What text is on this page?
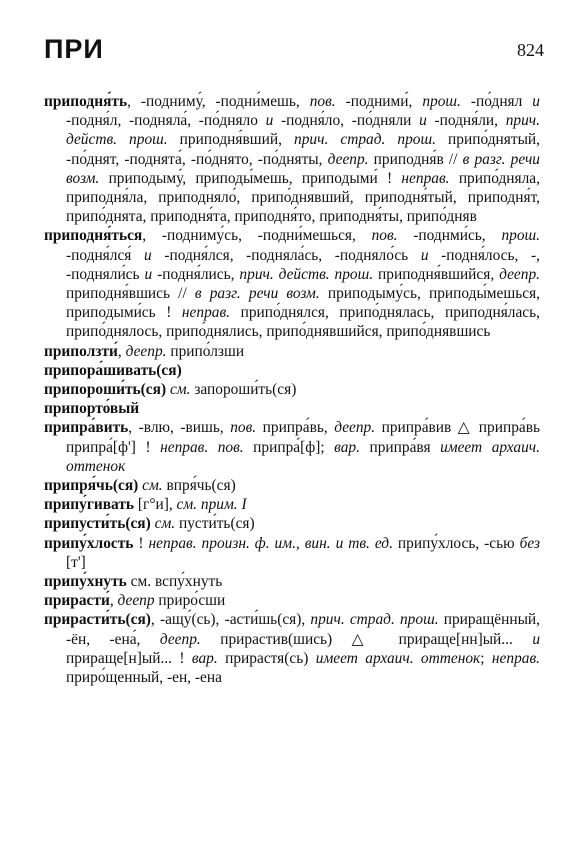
ПРИ	824

приподня́ть, -подниму́, -подни́мешь, пов. -подними́, прош. -по́днял и -подня́л, -подняла́, -по́дняло и -подня́ло, -по́дняли и -подня́ли, прич. действ. прош. приподня́вший, прич. страд. прош. припо́днятый, -по́днят, -поднята́, -по́днято, -по́дняты, деепр. приподня́в // в разг. речи возм. приподыму́, приподы́мешь, приподыми́ ! неправ. припо́дняла, приподня́ла, приподняло́, припо́днявший, приподня́тый, приподня́т, припо́днята, приподня́та, приподня́то, приподня́ты, припо́дняв

приподня́ться, -подниму́сь, -подни́мешься, пов. -поднми́сь, прош. -подня́лся́ и -подня́лся, -подняла́сь, -подняло́сь и -подня́лось, -, -подняли́сь и -подня́лись, прич. действ. прош. приподня́вшийся, деепр. приподня́вшись // в разг. речи возм. приподыму́сь, приподы́мешься, приподыми́сь ! неправ. припо́днялся, припо́днялась, приподня́лась, припо́днялось, припо́днялись, припо́днявшийся, припо́днявшись

приползти́, деепр. припо́лзши

припора́шивать(ся)

припороши́ть(ся) см. запороши́ть(ся)

припорто́вый

припра́вить, -влю, -вишь, пов. припра́вь, деепр. припра́вив △ припра́вь припра́[ф'] ! неправ. пов. припра́[ф]; вар. припра́вя имеет архаич. оттенок

припря́чь(ся) см. впря́чь(ся)

припу́гивать [г°и], см. прим. I

припусти́ть(ся) см. пусти́ть(ся)

припу́хлость ! неправ. произн. ф. им., вин. и тв. ед. припу́хлось, -сью без [т']

припу́хнуть см. вспу́хнуть

прирасти́, деепр приро́сши

прирасти́ть(ся), -ащу́(сь), -асти́шь(ся), прич. страд. прош. приращённый, -ён, -ена́, деепр. прирастив(шись) △ прираще[нн]ый... и прираще[н]ый... ! вар. прирастя(сь) имеет архаич. оттенок; неправ. приро́щенный, -ен, -ена
